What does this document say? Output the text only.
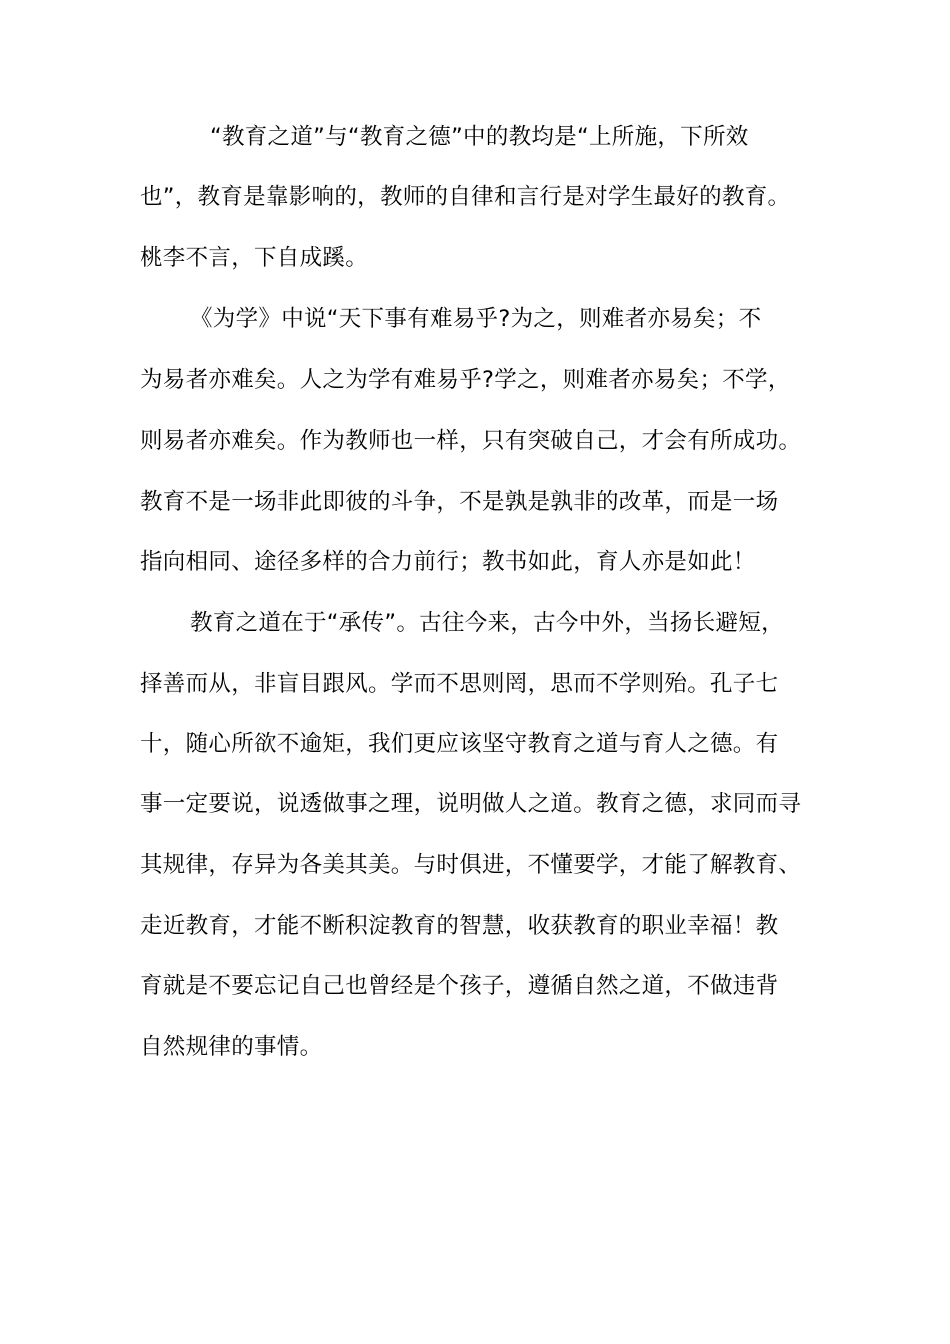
“教育之道”与“教育之德”中的教均是“上所施，下所效
也”，教育是靠影响的，教师的自律和言行是对学生最好的教育。
桃李不言，下自成蹊。
《为学》中说“天下事有难易乎?为之，则难者亦易矣；不
为易者亦难矣。人之为学有难易乎?学之，则难者亦易矣；不学，
则易者亦难矣。作为教师也一样，只有突破自己，才会有所成功。
教育不是一场非此即彼的斗争，不是孰是孰非的改革，而是一场
指向相同、途径多样的合力前行；教书如此，育人亦是如此！
教育之道在于“承传”。古往今来，古今中外，当扬长避短，
择善而从，非盲目跟风。学而不思则罔，思而不学则殆。孔子七
十，随心所欲不逾矩，我们更应该坚守教育之道与育人之德。有
事一定要说，说透做事之理，说明做人之道。教育之德，求同而寻
其规律，存异为各美其美。与时俱进，不懂要学，才能了解教育、
走近教育，才能不断积淀教育的智慧，收获教育的职业幸福！教
育就是不要忘记自己也曾经是个孩子，遵循自然之道，不做违背
自然规律的事情。
